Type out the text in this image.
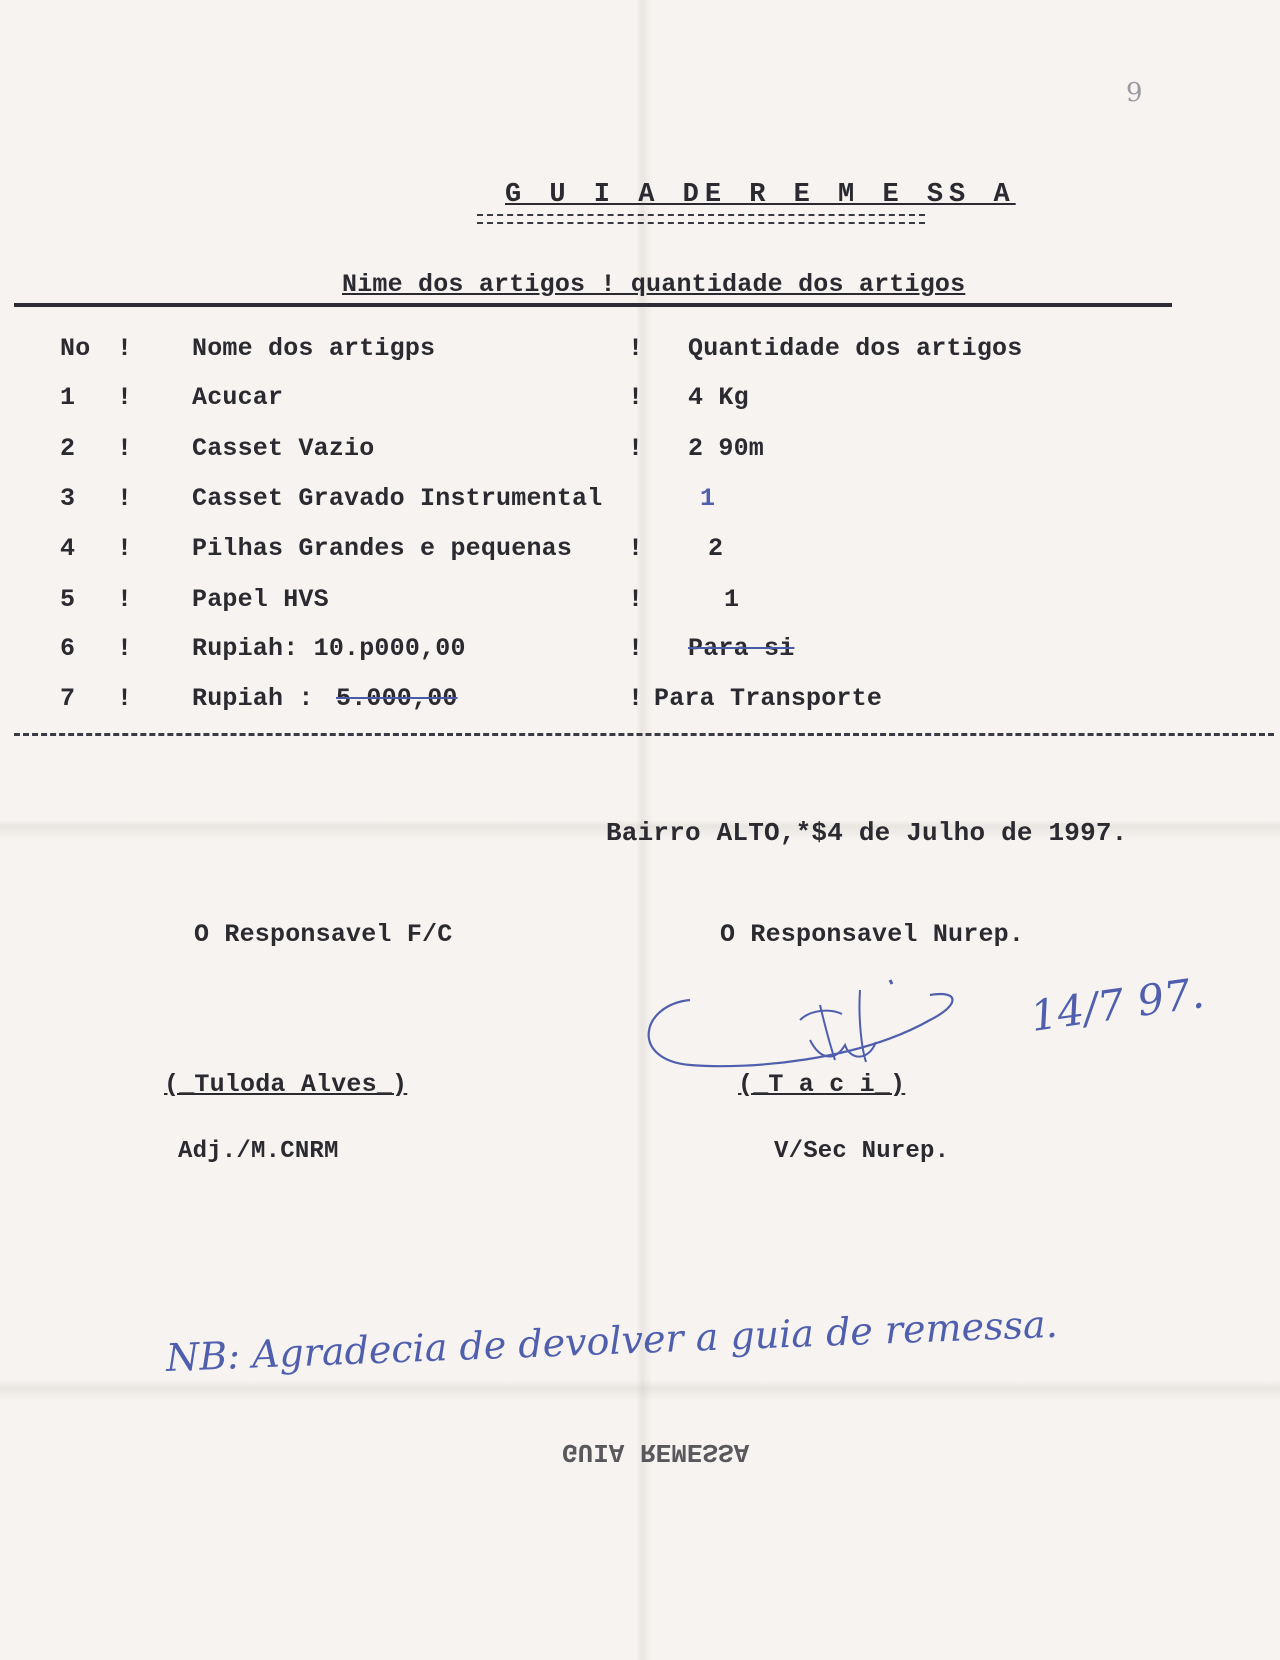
9
G U I A DE R E M E SS A
Nime dos artigos ! quantidade dos artigos
No ! Nome dos artigps	! Quantidade dos artigos
1 ! Acucar	! 4 Kg
2 ! Casset Vazio	! 2 90m
3 ! Casset Gravado Instrumental	1
4 ! Pilhas Grandes e pequenas !	2
5 ! Papel HVS	!	1
6 ! Rupiah: 10.p000,00	! Para si
7 ! Rupiah : 5.000,00	! Para Transporte
Bairro ALTO,*$4 de Julho de 1997.
O Responsavel F/C	O Responsavel Nurep.
14/7 97.
(_Tuloda Alves_)	(_T a c i_)
Adj./M.CNRM	V/Sec Nurep.
NB: Agradecia de devolver a guia de remessa.
GUIA REMESSA
